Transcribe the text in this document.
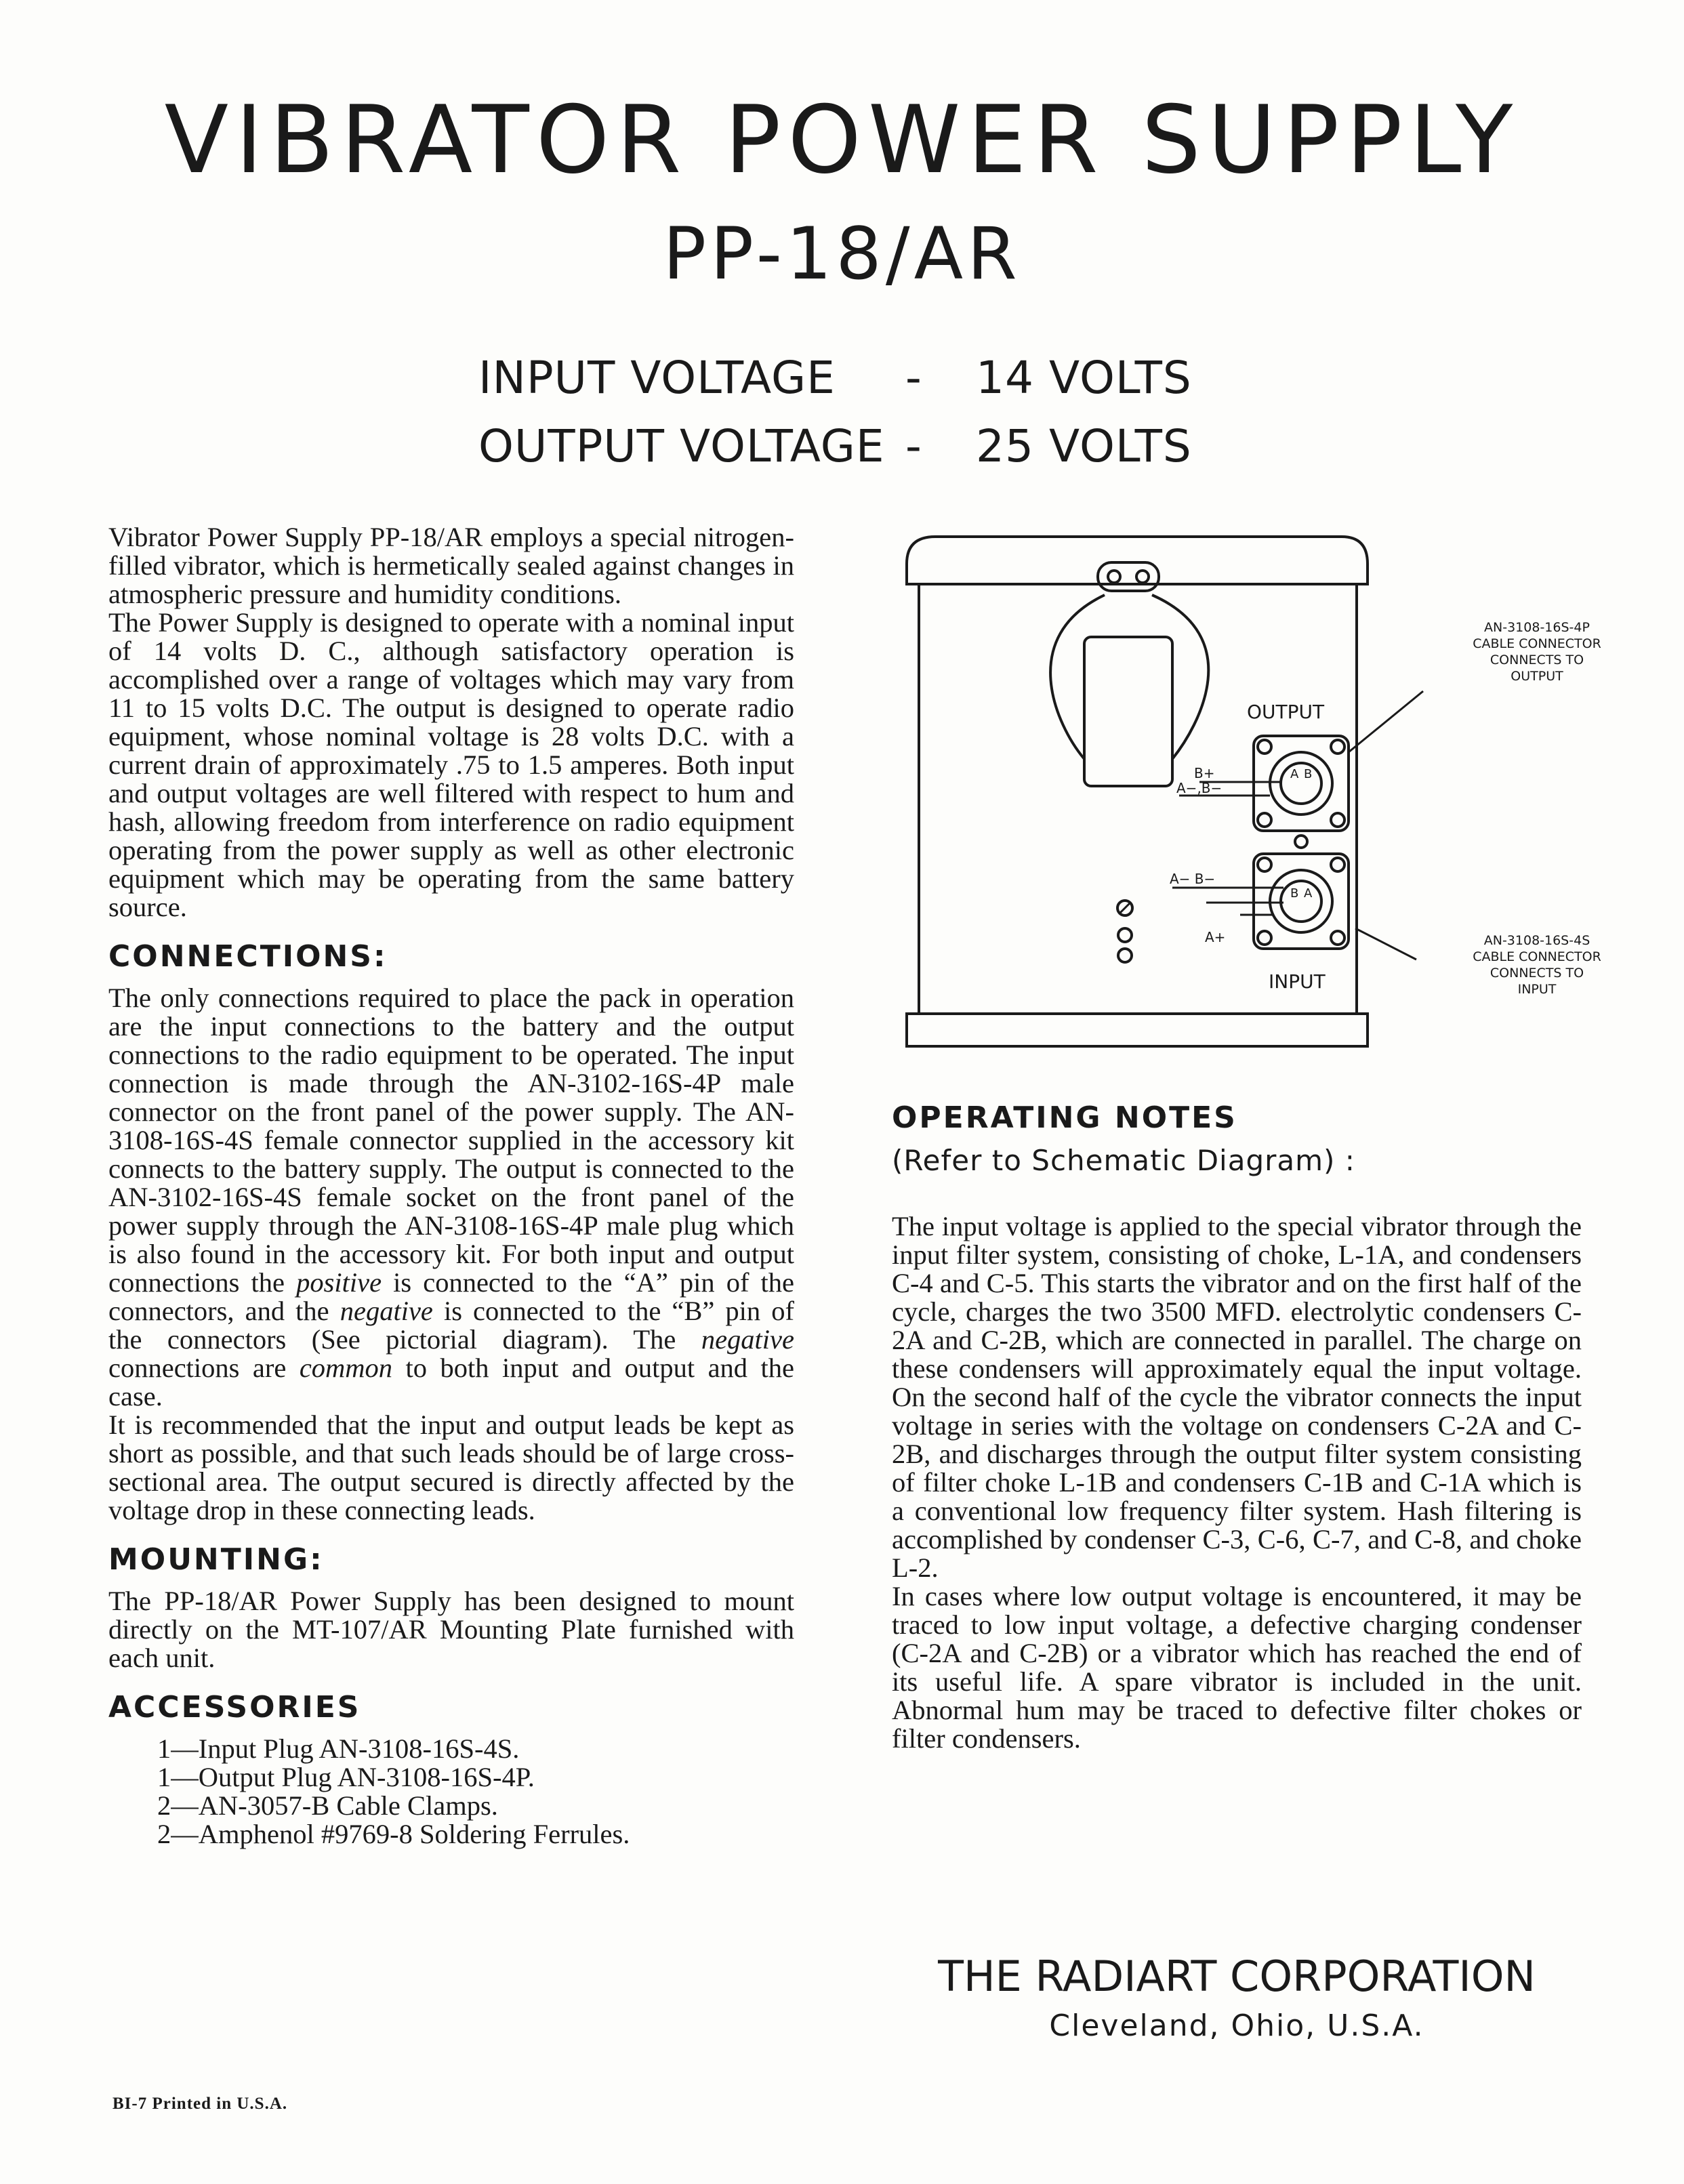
VIBRATOR POWER SUPPLY
PP-18/AR
INPUT VOLTAGE - 14 VOLTS
OUTPUT VOLTAGE - 25 VOLTS

Vibrator Power Supply PP-18/AR employs a special nitrogen-filled vibrator, which is hermetically sealed against changes in atmospheric pressure and humidity conditions.

The Power Supply is designed to operate with a nominal input of 14 volts D. C., although satisfactory operation is accomplished over a range of voltages which may vary from 11 to 15 volts D.C. The output is designed to operate radio equipment, whose nominal voltage is 28 volts D.C. with a current drain of approximately .75 to 1.5 amperes. Both input and output voltages are well filtered with respect to hum and hash, allowing freedom from interference on radio equipment operating from the power supply as well as other electronic equipment which may be operating from the same battery source.

CONNECTIONS:

The only connections required to place the pack in operation are the input connections to the battery and the output connections to the radio equipment to be operated. The input connection is made through the AN-3102-16S-4P male connector on the front panel of the power supply. The AN-3108-16S-4S female connector supplied in the accessory kit connects to the battery supply. The output is connected to the AN-3102-16S-4S female socket on the front panel of the power supply through the AN-3108-16S-4P male plug which is also found in the accessory kit. For both input and output connections the positive is connected to the “A” pin of the connectors, and the negative is connected to the “B” pin of the connectors (See pictorial diagram). The negative connections are common to both input and output and the case.

It is recommended that the input and output leads be kept as short as possible, and that such leads should be of large cross-sectional area. The output secured is directly affected by the voltage drop in these connecting leads.

MOUNTING:

The PP-18/AR Power Supply has been designed to mount directly on the MT-107/AR Mounting Plate furnished with each unit.

ACCESSORIES
1—Input Plug AN-3108-16S-4S.
1—Output Plug AN-3108-16S-4P.
2—AN-3057-B Cable Clamps.
2—Amphenol #9769-8 Soldering Ferrules.
A B
B A
OUTPUT
INPUT
B+
A−,B−
A− B−
A+
AN-3108-16S-4P
CABLE CONNECTOR
CONNECTS TO
OUTPUT
AN-3108-16S-4S
CABLE CONNECTOR
CONNECTS TO
INPUT
OPERATING NOTES
(Refer to Schematic Diagram) :

The input voltage is applied to the special vibrator through the input filter system, consisting of choke, L-1A, and condensers C-4 and C-5. This starts the vibrator and on the first half of the cycle, charges the two 3500 MFD. electrolytic condensers C-2A and C-2B, which are connected in parallel. The charge on these condensers will approximately equal the input voltage. On the second half of the cycle the vibrator connects the input voltage in series with the voltage on condensers C-2A and C-2B, and discharges through the output filter system consisting of filter choke L-1B and condensers C-1B and C-1A which is a conventional low frequency filter system. Hash filtering is accomplished by condenser C-3, C-6, C-7, and C-8, and choke L-2.

In cases where low output voltage is encountered, it may be traced to low input voltage, a defective charging condenser (C-2A and C-2B) or a vibrator which has reached the end of its useful life. A spare vibrator is included in the unit. Abnormal hum may be traced to defective filter chokes or filter condensers.

THE RADIART CORPORATION
Cleveland, Ohio, U.S.A.
BI-7 Printed in U.S.A.
